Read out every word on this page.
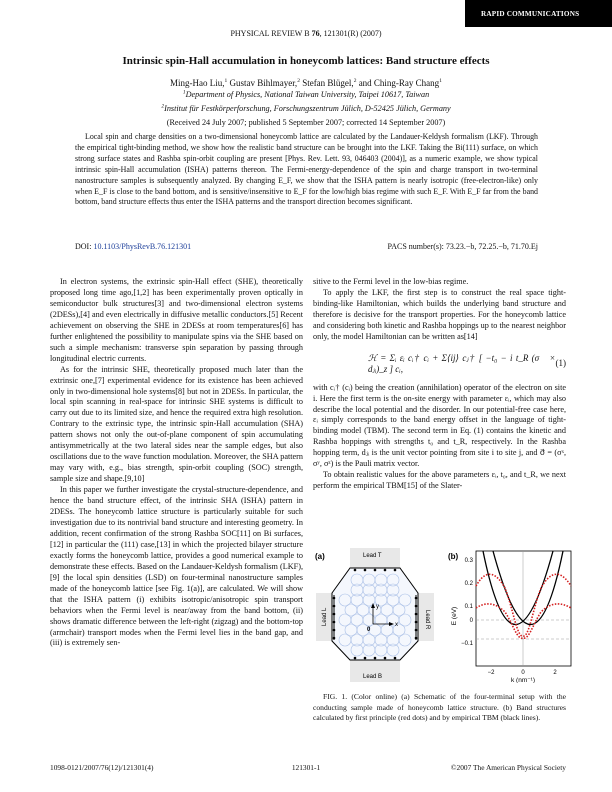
RAPID COMMUNICATIONS
PHYSICAL REVIEW B 76, 121301(R) (2007)
Intrinsic spin-Hall accumulation in honeycomb lattices: Band structure effects
Ming-Hao Liu,$^1$ Gustav Bihlmayer,$^2$ Stefan Blügel,$^2$ and Ching-Ray Chang$^1$
$^1$Department of Physics, National Taiwan University, Taipei 10617, Taiwan
$^2$Institut für Festkörperforschung, Forschungszentrum Jülich, D-52425 Jülich, Germany
(Received 24 July 2007; published 5 September 2007; corrected 14 September 2007)
Local spin and charge densities on a two-dimensional honeycomb lattice are calculated by the Landauer-Keldysh formalism (LKF). Through the empirical tight-binding method, we show how the realistic band structure can be brought into the LKF. Taking the Bi(111) surface, on which strong surface states and Rashba spin-orbit coupling are present [Phys. Rev. Lett. 93, 046403 (2004)], as a numeric example, we show typical intrinsic spin-Hall accumulation (ISHA) patterns thereon. The Fermi-energy-dependence of the spin and charge transport in two-terminal nanostructure samples is subsequently analyzed. By changing E_F, we show that the ISHA pattern is nearly isotropic (free-electron-like) only when E_F is close to the band bottom, and is sensitive/insensitive to E_F for the low/high bias regime with such E_F. With E_F far from the band bottom, band structure effects thus enter the ISHA patterns and the transport direction becomes significant.
DOI: 10.1103/PhysRevB.76.121301	PACS number(s): 73.23.−b, 72.25.−b, 71.70.Ej

In electron systems, the extrinsic spin-Hall effect (SHE), theoretically proposed long time ago,[1,2] has been experimentally proven optically in semiconductor bulk structures[3] and two-dimensional electron systems (2DESs),[4] and even electrically in diffusive metallic conductors.[5] Recent achievement on observing the SHE in 2DESs at room temperatures[6] has further enlightened the possibility to manipulate spins via the SHE based on such a simple mechanism: transverse spin separation by passing through longitudinal electric currents.

As for the intrinsic SHE, theoretically proposed much later than the extrinsic one,[7] experimental evidence for its existence has been achieved only in two-dimensional hole systems[8] but not in 2DESs. In particular, the local spin scanning in real-space for intrinsic SHE systems is difficult to carry out due to its limited size, and hence the required extra high resolution. Contrary to the extrinsic type, the intrinsic spin-Hall accumulation (SHA) pattern shows not only the out-of-plane component of spin accumulating antisymmetrically at the two lateral sides near the sample edges, but also oscillations due to the wave function modulation. Moreover, the SHA pattern may vary with, e.g., bias strength, spin-orbit coupling (SOC) strength, sample size and shape.[9,10]

In this paper we further investigate the crystal-structure-dependence, and hence the band structure effect, of the intrinsic SHA (ISHA) pattern in 2DESs. The honeycomb lattice structure is particularly suitable for such investigation due to its nontrivial band structure and interesting geometry. In addition, recent confirmation of the strong Rashba SOC[11] on Bi surfaces,[12] in particular the (111) case,[13] in which the projected bilayer structure exactly forms the honeycomb lattice, provides a good numerical example to demonstrate these effects. Based on the Landauer-Keldysh formalism (LKF),[9] the local spin densities (LSD) on four-terminal nanostructure samples made of the honeycomb lattice [see Fig. 1(a)], are calculated. We will show that the ISHA pattern (i) exhibits isotropic/anisotropic spin transport behaviors when the Fermi level is near/away from the band bottom, (ii) shows dramatic difference between the left-right (zigzag) and the bottom-top (armchair) transport modes when the Fermi level lies in the band gap, and (iii) is extremely sen-

sitive to the Fermi level in the low-bias regime.

To apply the LKF, the first step is to construct the real space tight-binding-like Hamiltonian, which builds the underlying band structure and therefore is decisive for the transport properties. For the honeycomb lattice and considering both kinetic and Rashba hoppings up to the nearest neighbor only, the model Hamiltonian can be written as[14]

ℋ = Σᵢ εᵢ cᵢ† cᵢ + Σ⟨ij⟩ cⱼ† [ −t₀ − i t_R (σ⃗ × dⱼᵢ)_z ] cᵢ,
(1)

with cᵢ† (cᵢ) being the creation (annihilation) operator of the electron on site i. Here the first term is the on-site energy with parameter εᵢ, which may also describe the local potential and the disorder. In our potential-free case here, εᵢ simply corresponds to the band energy offset in the language of tight-binding model (TBM). The second term in Eq. (1) contains the kinetic and Rashba hoppings with strengths t₀ and t_R, respectively. In the Rashba hopping term, dⱼᵢ is the unit vector pointing from site i to site j, and σ⃗ = (σˣ, σʸ, σᶻ) is the Pauli matrix vector.

To obtain realistic values for the above parameters εᵢ, t₀, and t_R, we next perform the empirical TBM[15] of the Slater-

(a)	Lead T
Lead B
Lead L	Lead R
y
x
0
(b) 0.3
0.2
0.1
0
−0.1
E (eV)
−2	0	2
k (nm⁻¹)
FIG. 1. (Color online) (a) Schematic of the four-terminal setup with the conducting sample made of honeycomb lattice structure. (b) Band structures calculated by first principle (red dots) and by empirical TBM (black lines).
1098-0121/2007/76(12)/121301(4)	121301-1	©2007 The American Physical Society
